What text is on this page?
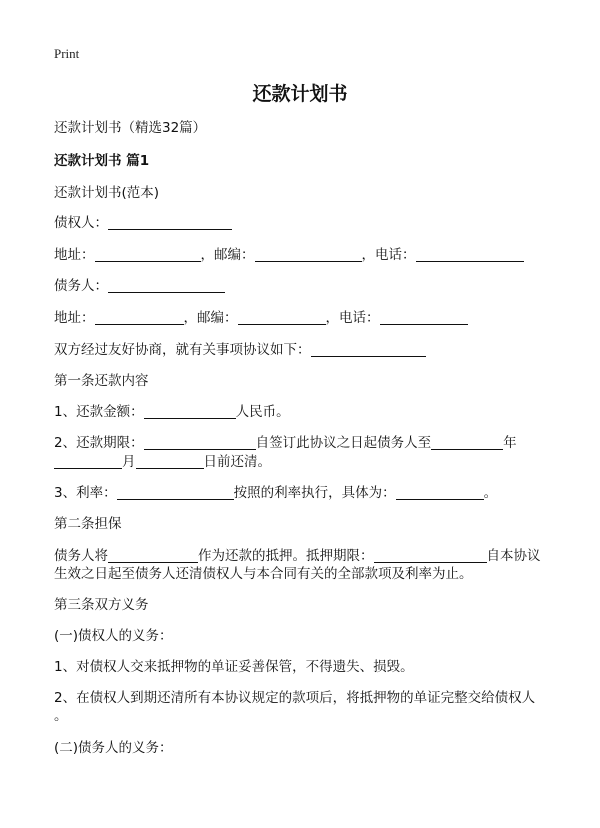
Print
还款计划书
还款计划书（精选32篇）
还款计划书 篇1
还款计划书(范本)
债权人：
地址：	，邮编：	，电话：
债务人：
地址：	，邮编：	，电话：
双方经过友好协商，就有关事项协议如下：
第一条还款内容
1、还款金额：	人民币。
2、还款期限：	自签订此协议之日起债务人至	年
月	日前还清。
3、利率：	按照的利率执行，具体为：	。
第二条担保
债务人将	作为还款的抵押。抵押期限：	自本协议
生效之日起至债务人还清债权人与本合同有关的全部款项及利率为止。
第三条双方义务
(一)债权人的义务：
1、对债权人交来抵押物的单证妥善保管，不得遗失、损毁。
2、在债权人到期还清所有本协议规定的款项后，将抵押物的单证完整交给债权人
。
(二)债务人的义务：
